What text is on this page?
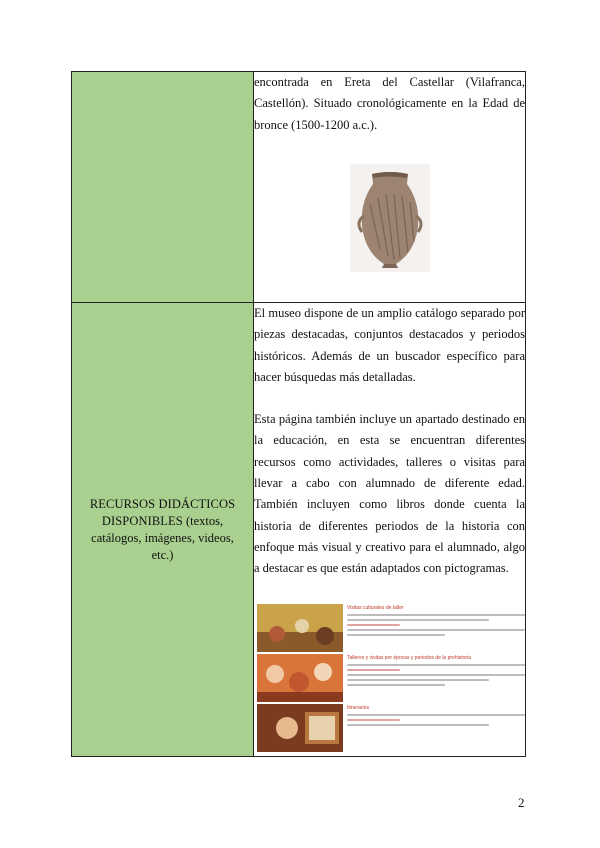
	encontrada en Ereta del Castellar (Vilafranca, Castellón). Situado cronológicamente en la Edad de bronce (1500-1200 a.c.).

RECURSOS DIDÁCTICOS DISPONIBLES (textos, catálogos, imágenes, videos, etc.)	El museo dispone de un amplio catálogo separado por piezas destacadas, conjuntos destacados y periodos históricos. Además de un buscador específico para hacer búsquedas más detalladas.

Esta página también incluye un apartado destinado en la educación, en esta se encuentran diferentes recursos como actividades, talleres o visitas para llevar a cabo con alumnado de diferente edad. También incluyen como libros donde cuenta la historia de diferentes periodos de la historia con enfoque más visual y creativo para el alumnado, algo a destacar es que están adaptados con pictogramas.

Visitas culturales de taller
Talleres y visitas por épocas y periodos de la prehistoria
Itinerarios
2
